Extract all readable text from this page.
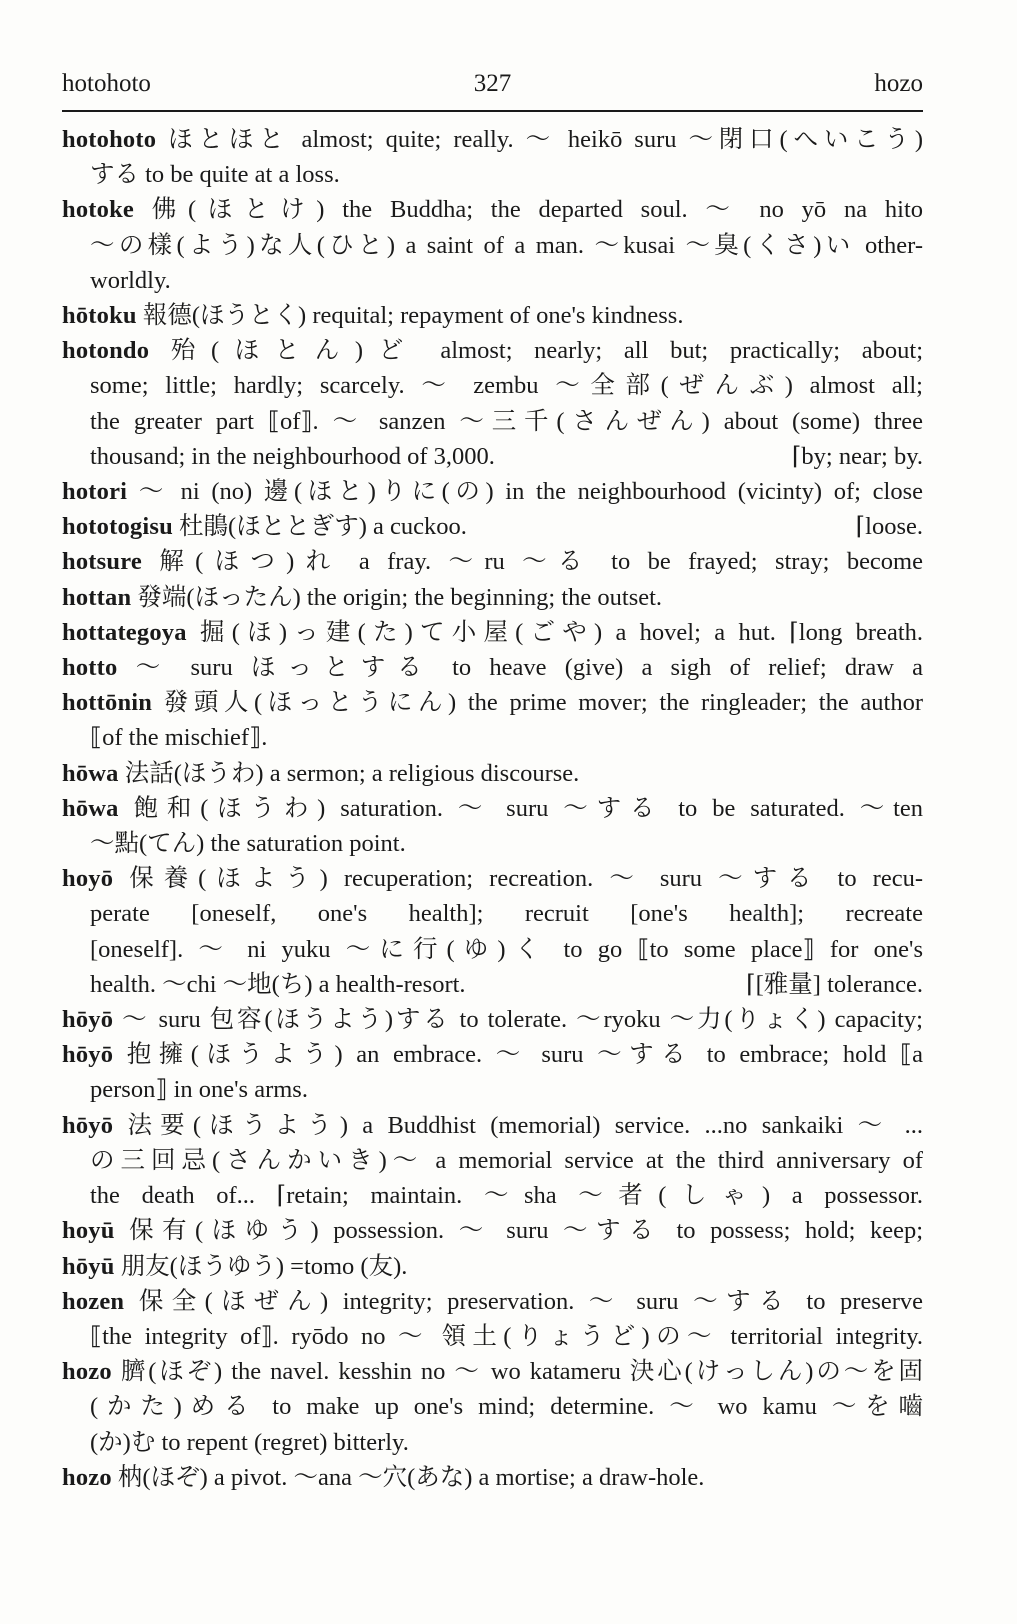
hotohoto	327	hozo
hotohoto ほとほと almost; quite; really. ～ heikō suru ～閉口(へいこう)
する to be quite at a loss.
hotoke 佛(ほとけ) the Buddha; the departed soul. ～ no yō na hito
～の樣(よう)な人(ひと) a saint of a man. ～kusai ～臭(くさ)い other-
worldly.
hōtoku 報德(ほうとく) requital; repayment of one's kindness.
hotondo 殆(ほとん)ど almost; nearly; all but; practically; about;
some; little; hardly; scarcely. ～ zembu ～全部(ぜんぶ) almost all;
the greater part ⟦of⟧. ～ sanzen ～三千(さんぜん) about (some) three
⌈by; near; by.
thousand; in the neighbourhood of 3,000.
hotori ～ ni (no) 邊(ほと)りに(の) in the neighbourhood (vicinty) of; close
⌈loose.
hototogisu 杜鵑(ほととぎす) a cuckoo.
hotsure 解(ほつ)れ a fray. ～ru ～る to be frayed; stray; become
hottan 發端(ほったん) the origin; the beginning; the outset.
hottategoya 掘(ほ)っ建(た)て小屋(ごや) a hovel; a hut. ⌈long breath.
hotto ～ suru ほっとする to heave (give) a sigh of relief; draw a
hottōnin 發頭人(ほっとうにん) the prime mover; the ringleader; the author
⟦of the mischief⟧.
hōwa 法話(ほうわ) a sermon; a religious discourse.
hōwa 飽和(ほうわ) saturation. ～ suru ～する to be saturated. ～ten
～點(てん) the saturation point.
hoyō 保養(ほよう) recuperation; recreation. ～ suru ～する to recu-
perate [oneself, one's health]; recruit [one's health]; recreate
[oneself]. ～ ni yuku ～に行(ゆ)く to go ⟦to some place⟧ for one's
⌈[雅量] tolerance.
health. ～chi ～地(ち) a health-resort.
hōyō ～ suru 包容(ほうよう)する to tolerate. ～ryoku ～力(りょく) capacity;
hōyō 抱擁(ほうよう) an embrace. ～ suru ～する to embrace; hold ⟦a
person⟧ in one's arms.
hōyō 法要(ほうよう) a Buddhist (memorial) service. ...no sankaiki ～ ...
の三回忌(さんかいき)～ a memorial service at the third anniversary of
the death of... ⌈retain; maintain. ～sha ～者(しゃ) a possessor.
hoyū 保有(ほゆう) possession. ～ suru ～する to possess; hold; keep;
hōyū 朋友(ほうゆう) =tomo (友).
hozen 保全(ほぜん) integrity; preservation. ～ suru ～する to preserve
⟦the integrity of⟧. ryōdo no ～ 領土(りょうど)の～ territorial integrity.
hozo 臍(ほぞ) the navel. kesshin no ～ wo katameru 決心(けっしん)の～を固
(かた)める to make up one's mind; determine. ～ wo kamu ～を嚙
(か)む to repent (regret) bitterly.
hozo 枘(ほぞ) a pivot. ～ana ～穴(あな) a mortise; a draw-hole.
